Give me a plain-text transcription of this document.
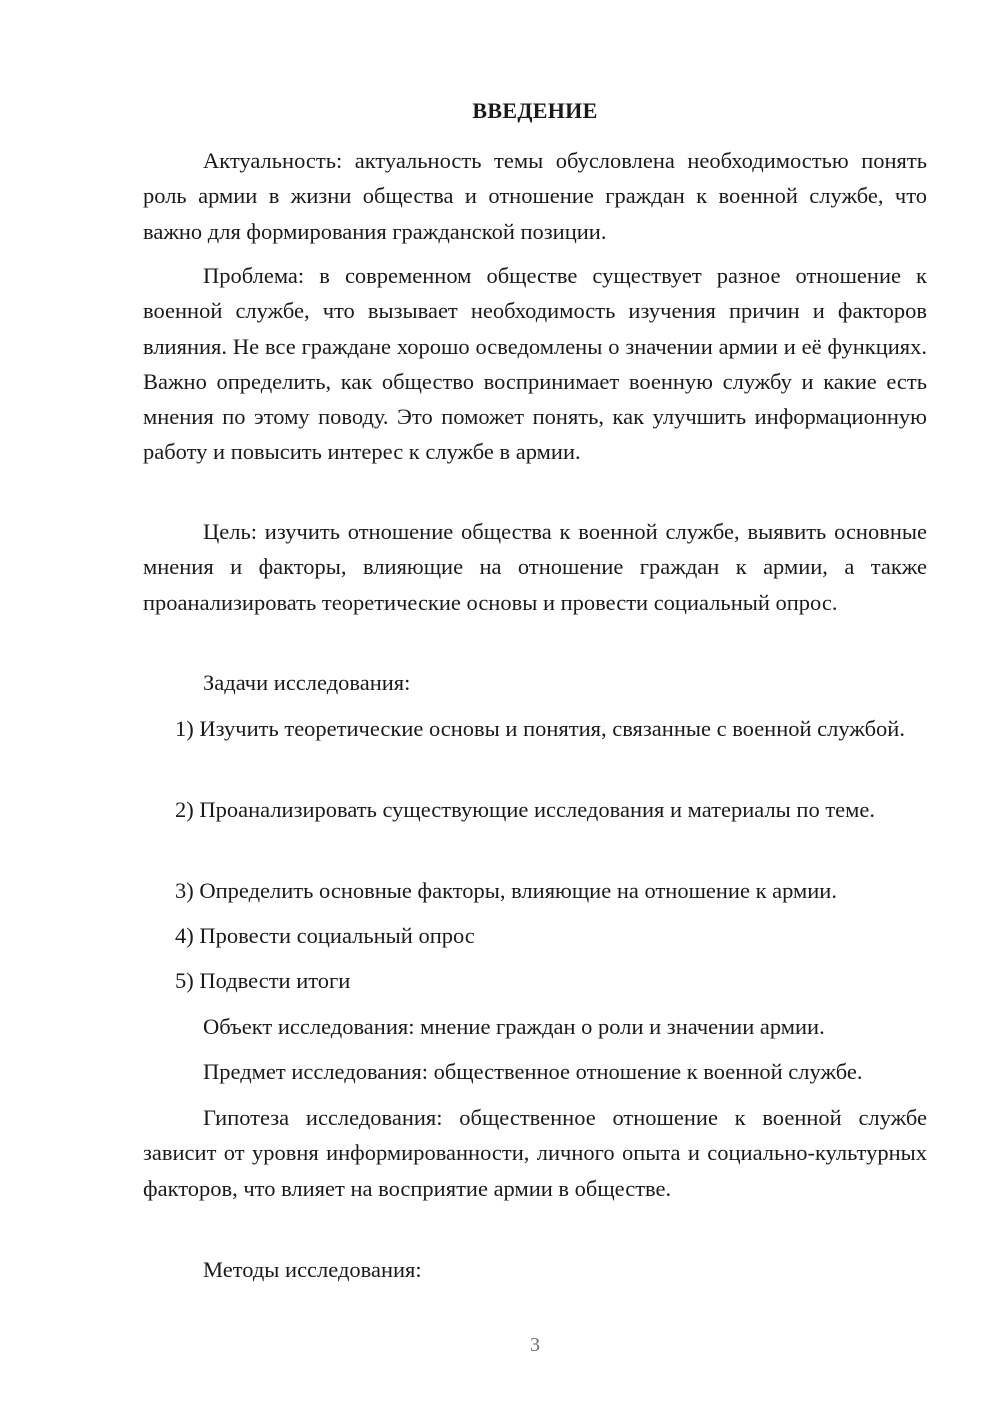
ВВЕДЕНИЕ

Актуальность: актуальность темы обусловлена необходимостью понять роль армии в жизни общества и отношение граждан к военной службе, что важно для формирования гражданской позиции.

Проблема: в современном обществе существует разное отношение к военной службе, что вызывает необходимость изучения причин и факторов влияния. Не все граждане хорошо осведомлены о значении армии и её функциях. Важно определить, как общество воспринимает военную службу и какие есть мнения по этому поводу. Это поможет понять, как улучшить информационную работу и повысить интерес к службе в армии.

Цель: изучить отношение общества к военной службе, выявить основные мнения и факторы, влияющие на отношение граждан к армии, а также проанализировать теоретические основы и провести социальный опрос.

Задачи исследования:

1) Изучить теоретические основы и понятия, связанные с военной службой.

2) Проанализировать существующие исследования и материалы по теме.

3) Определить основные факторы, влияющие на отношение к армии.

4) Провести социальный опрос

5) Подвести итоги

Объект исследования: мнение граждан о роли и значении армии.

Предмет исследования: общественное отношение к военной службе.

Гипотеза исследования: общественное отношение к военной службе зависит от уровня информированности, личного опыта и социально-культурных факторов, что влияет на восприятие армии в обществе.

Методы исследования:

3
